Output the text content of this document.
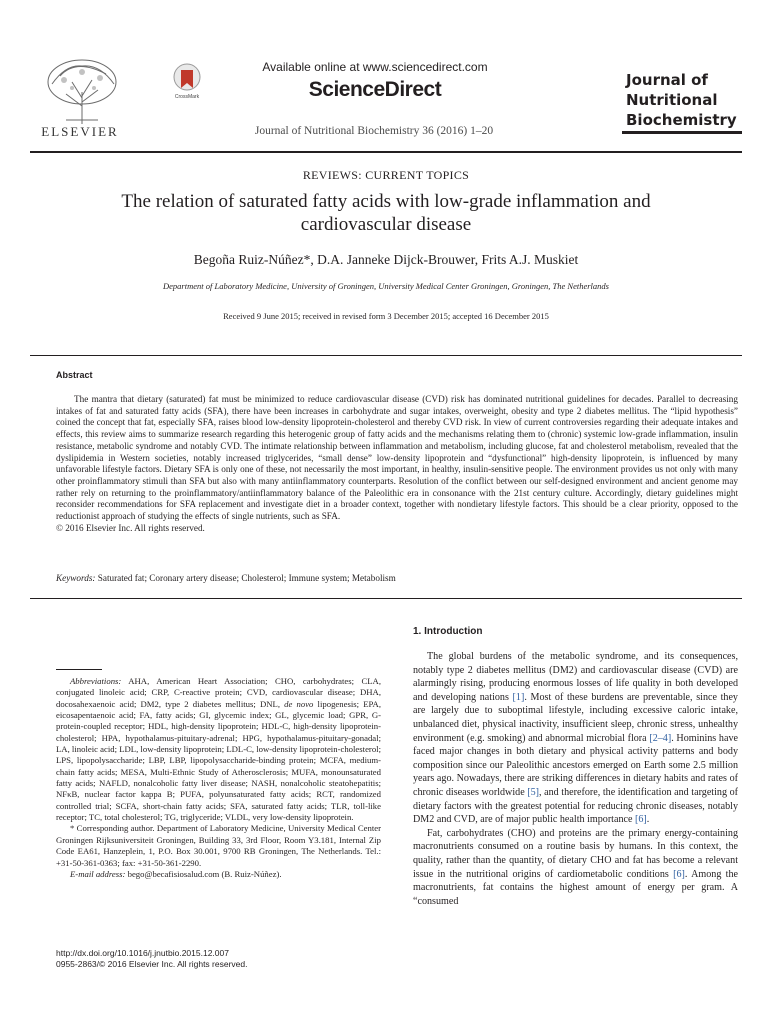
ELSEVIER
CrossMark
Available online at www.sciencedirect.com
ScienceDirect
Journal of Nutritional Biochemistry 36 (2016) 1–20
Journal of
Nutritional
Biochemistry
REVIEWS: CURRENT TOPICS
The relation of saturated fatty acids with low-grade inflammation and
cardiovascular disease
Begoña Ruiz-Núñez*, D.A. Janneke Dijck-Brouwer, Frits A.J. Muskiet
Department of Laboratory Medicine, University of Groningen, University Medical Center Groningen, Groningen, The Netherlands
Received 9 June 2015; received in revised form 3 December 2015; accepted 16 December 2015
Abstract

The mantra that dietary (saturated) fat must be minimized to reduce cardiovascular disease (CVD) risk has dominated nutritional guidelines for decades. Parallel to decreasing intakes of fat and saturated fatty acids (SFA), there have been increases in carbohydrate and sugar intakes, overweight, obesity and type 2 diabetes mellitus. The “lipid hypothesis” coined the concept that fat, especially SFA, raises blood low-density lipoprotein-cholesterol and thereby CVD risk. In view of current controversies regarding their adequate intakes and effects, this review aims to summarize research regarding this heterogenic group of fatty acids and the mechanisms relating them to (chronic) systemic low-grade inflammation, insulin resistance, metabolic syndrome and notably CVD. The intimate relationship between inflammation and metabolism, including glucose, fat and cholesterol metabolism, revealed that the dyslipidemia in Western societies, notably increased triglycerides, “small dense” low-density lipoprotein and “dysfunctional” high-density lipoprotein, is influenced by many unfavorable lifestyle factors. Dietary SFA is only one of these, not necessarily the most important, in healthy, insulin-sensitive people. The environment provides us not only with many other proinflammatory stimuli than SFA but also with many antiinflammatory counterparts. Resolution of the conflict between our self-designed environment and ancient genome may rather rely on returning to the proinflammatory/antiinflammatory balance of the Paleolithic era in consonance with the 21st century culture. Accordingly, dietary guidelines might reconsider recommendations for SFA replacement and investigate diet in a broader context, together with nondietary lifestyle factors. This should be a clear priority, opposed to the reductionist approach of studying the effects of single nutrients, such as SFA.

© 2016 Elsevier Inc. All rights reserved.

Keywords: Saturated fat; Coronary artery disease; Cholesterol; Immune system; Metabolism
1. Introduction

The global burdens of the metabolic syndrome, and its consequences, notably type 2 diabetes mellitus (DM2) and cardiovascular disease (CVD) are alarmingly rising, producing enormous losses of life quality in both developed and developing nations [1]. Most of these burdens are preventable, since they are largely due to suboptimal lifestyle, including excessive caloric intake, unbalanced diet, physical inactivity, insufficient sleep, chronic stress, unhealthy environment (e.g. smoking) and abnormal microbial flora [2–4]. Hominins have faced major changes in both dietary and physical activity patterns and body composition since our Paleolithic ancestors emerged on Earth some 2.5 million years ago. Nowadays, there are striking differences in dietary habits and rates of chronic diseases worldwide [5], and therefore, the identification and targeting of dietary factors with the greatest potential for reducing chronic diseases, notably DM2 and CVD, are of major public health importance [6].

Fat, carbohydrates (CHO) and proteins are the primary energy-containing macronutrients consumed on a routine basis by humans. In this context, the quality, rather than the quantity, of dietary CHO and fat has become a relevant issue in the nutritional origins of cardiometabolic conditions [6]. Among the macronutrients, fat contains the highest amount of energy per gram. A “consumed

Abbreviations: AHA, American Heart Association; CHO, carbohydrates; CLA, conjugated linoleic acid; CRP, C-reactive protein; CVD, cardiovascular disease; DHA, docosahexaenoic acid; DM2, type 2 diabetes mellitus; DNL, de novo lipogenesis; EPA, eicosapentaenoic acid; FA, fatty acids; GI, glycemic index; GL, glycemic load; GPR, G-protein-coupled receptor; HDL, high-density lipoprotein; HDL-C, high-density lipoprotein-cholesterol; HPA, hypothalamus-pituitary-adrenal; HPG, hypothalamus-pituitary-gonadal; LA, linoleic acid; LDL, low-density lipoprotein; LDL-C, low-density lipoprotein-cholesterol; LPS, lipopolysaccharide; LBP, LBP, lipopolysaccharide-binding protein; MCFA, medium-chain fatty acids; MESA, Multi-Ethnic Study of Atherosclerosis; MUFA, monounsaturated fatty acids; NAFLD, nonalcoholic fatty liver disease; NASH, nonalcoholic steatohepatitis; NFκB, nuclear factor kappa B; PUFA, polyunsaturated fatty acids; RCT, randomized controlled trial; SCFA, short-chain fatty acids; SFA, saturated fatty acids; TLR, toll-like receptor; TC, total cholesterol; TG, triglyceride; VLDL, very low-density lipoprotein.

* Corresponding author. Department of Laboratory Medicine, University Medical Center Groningen Rijksuniversiteit Groningen, Building 33, 3rd Floor, Room Y3.181, Internal Zip Code EA61, Hanzeplein, 1, P.O. Box 30.001, 9700 RB Groningen, The Netherlands. Tel.: +31-50-361-0363; fax: +31-50-361-2290.

E-mail address: bego@becafisiosalud.com (B. Ruiz-Núñez).

http://dx.doi.org/10.1016/j.jnutbio.2015.12.007
0955-2863/© 2016 Elsevier Inc. All rights reserved.
